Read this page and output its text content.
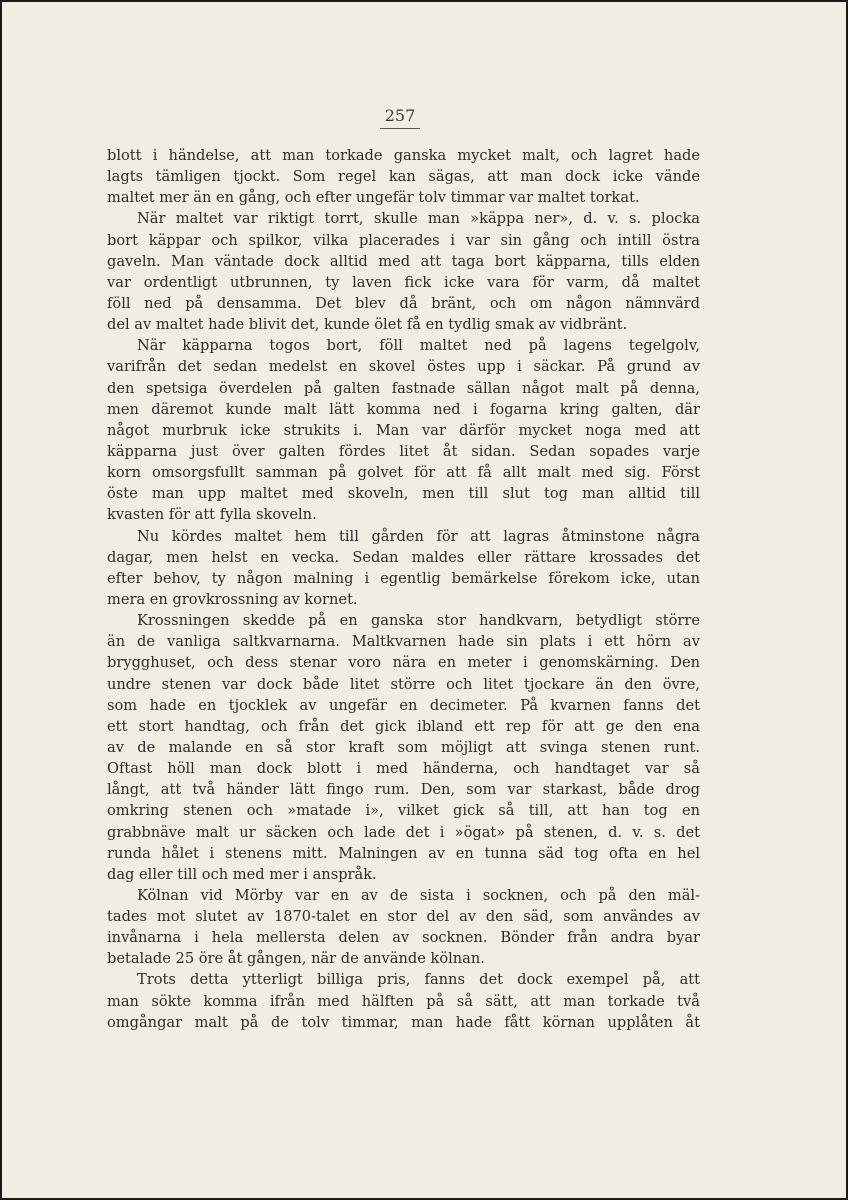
257
blott i händelse, att man torkade ganska mycket malt, och lagret hade
lagts tämligen tjockt. Som regel kan sägas, att man dock icke vände
maltet mer än en gång, och efter ungefär tolv timmar var maltet torkat.
När maltet var riktigt torrt, skulle man »käppa ner», d. v. s. plocka
bort käppar och spilkor, vilka placerades i var sin gång och intill östra
gaveln. Man väntade dock alltid med att taga bort käpparna, tills elden
var ordentligt utbrunnen, ty laven fick icke vara för varm, då maltet
föll ned på densamma. Det blev då bränt, och om någon nämnvärd
del av maltet hade blivit det, kunde ölet få en tydlig smak av vidbränt.
När käpparna togos bort, föll maltet ned på lagens tegelgolv,
varifrån det sedan medelst en skovel östes upp i säckar. På grund av
den spetsiga överdelen på galten fastnade sällan något malt på denna,
men däremot kunde malt lätt komma ned i fogarna kring galten, där
något murbruk icke strukits i. Man var därför mycket noga med att
käpparna just över galten fördes litet åt sidan. Sedan sopades varje
korn omsorgsfullt samman på golvet för att få allt malt med sig. Först
öste man upp maltet med skoveln, men till slut tog man alltid till
kvasten för att fylla skoveln.
Nu kördes maltet hem till gården för att lagras åtminstone några
dagar, men helst en vecka. Sedan maldes eller rättare krossades det
efter behov, ty någon malning i egentlig bemärkelse förekom icke, utan
mera en grovkrossning av kornet.
Krossningen skedde på en ganska stor handkvarn, betydligt större
än de vanliga saltkvarnarna. Maltkvarnen hade sin plats i ett hörn av
brygghuset, och dess stenar voro nära en meter i genomskärning. Den
undre stenen var dock både litet större och litet tjockare än den övre,
som hade en tjocklek av ungefär en decimeter. På kvarnen fanns det
ett stort handtag, och från det gick ibland ett rep för att ge den ena
av de malande en så stor kraft som möjligt att svinga stenen runt.
Oftast höll man dock blott i med händerna, och handtaget var så
långt, att två händer lätt fingo rum. Den, som var starkast, både drog
omkring stenen och »matade i», vilket gick så till, att han tog en
grabbnäve malt ur säcken och lade det i »ögat» på stenen, d. v. s. det
runda hålet i stenens mitt. Malningen av en tunna säd tog ofta en hel
dag eller till och med mer i anspråk.
Kölnan vid Mörby var en av de sista i socknen, och på den mäl-
tades mot slutet av 1870-talet en stor del av den säd, som användes av
invånarna i hela mellersta delen av socknen. Bönder från andra byar
betalade 25 öre åt gången, när de använde kölnan.
Trots detta ytterligt billiga pris, fanns det dock exempel på, att
man sökte komma ifrån med hälften på så sätt, att man torkade två
omgångar malt på de tolv timmar, man hade fått körnan upplåten åt
